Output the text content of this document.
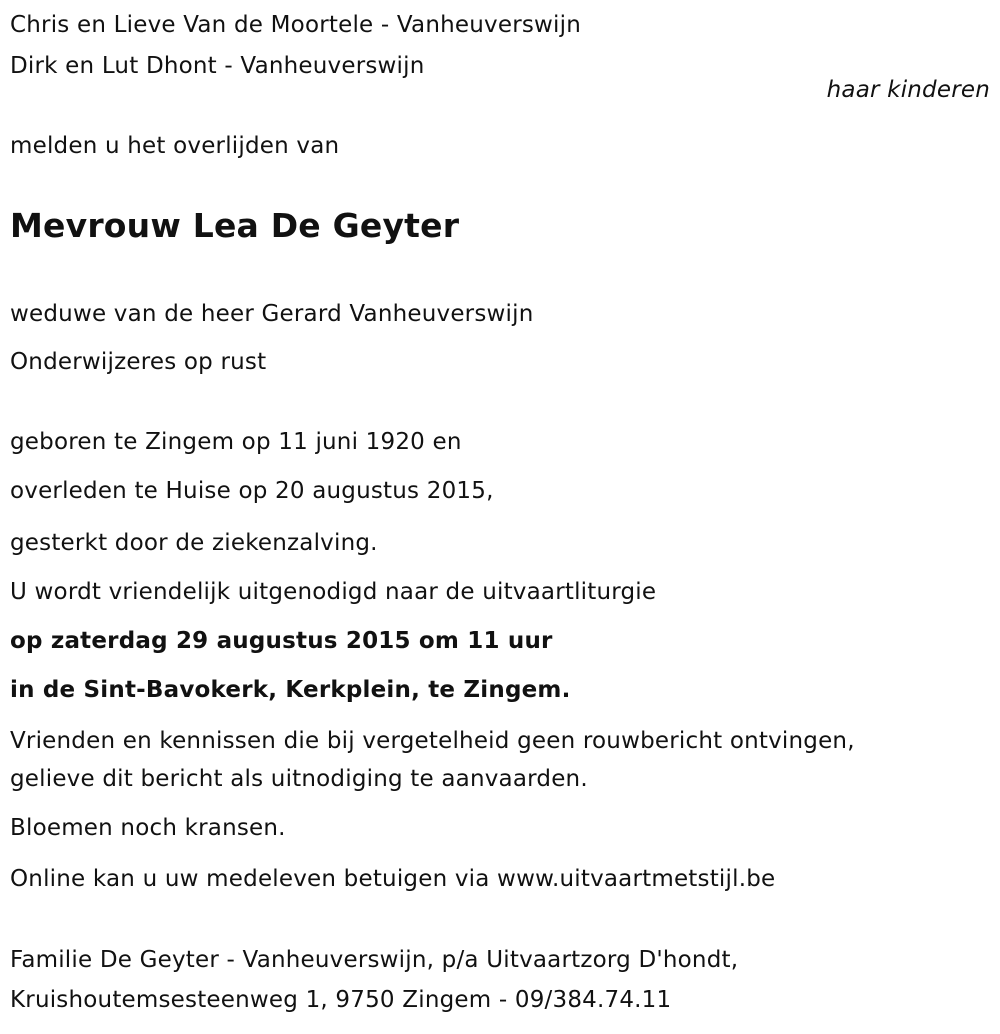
Chris en Lieve Van de Moortele - Vanheuverswijn
Dirk en Lut Dhont - Vanheuverswijn
haar kinderen
melden u het overlijden van
Mevrouw Lea De Geyter
weduwe van de heer Gerard Vanheuverswijn
Onderwijzeres op rust
geboren te Zingem op 11 juni 1920 en
overleden te Huise op 20 augustus 2015,
gesterkt door de ziekenzalving.
U wordt vriendelijk uitgenodigd naar de uitvaartliturgie
op zaterdag 29 augustus 2015 om 11 uur
in de Sint-Bavokerk, Kerkplein, te Zingem.
Vrienden en kennissen die bij vergetelheid geen rouwbericht ontvingen,
gelieve dit bericht als uitnodiging te aanvaarden.
Bloemen noch kransen.
Online kan u uw medeleven betuigen via www.uitvaartmetstijl.be
Familie De Geyter - Vanheuverswijn, p/a Uitvaartzorg D'hondt,
Kruishoutemsesteenweg 1, 9750 Zingem - 09/384.74.11
